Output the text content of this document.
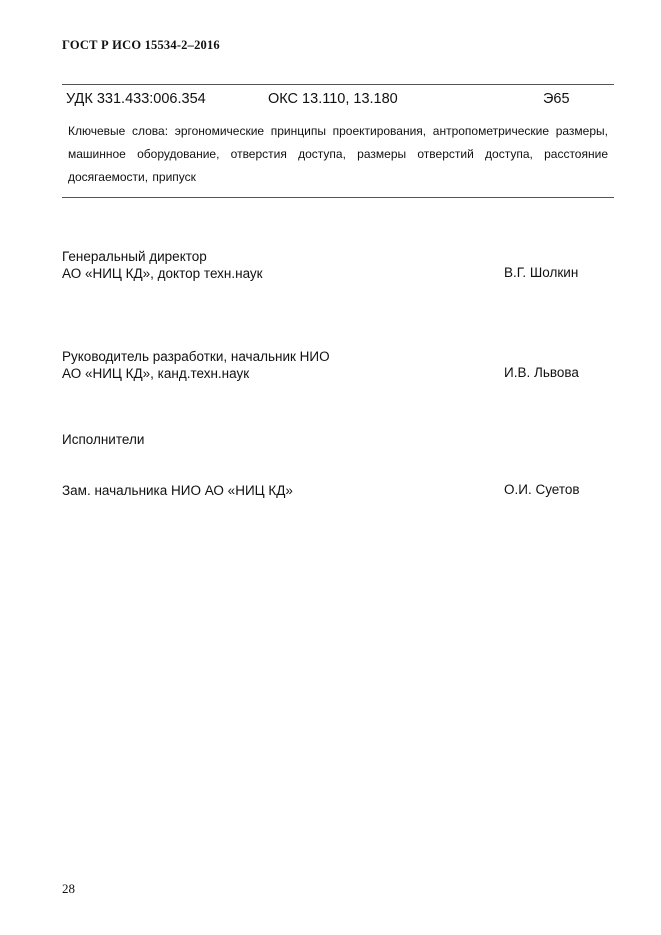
ГОСТ Р ИСО 15534-2–2016
УДК 331.433:006.354	ОКС 13.110, 13.180	Э65
Ключевые слова: эргономические принципы проектирования, антропометрические размеры, машинное оборудование, отверстия доступа, размеры отверстий доступа, расстояние досягаемости, припуск
Генеральный директор
АО «НИЦ КД», доктор техн.наук	В.Г. Шолкин
Руководитель разработки, начальник НИО
АО «НИЦ КД», канд.техн.наук	И.В. Львова
Исполнители
Зам. начальника НИО АО «НИЦ КД»	О.И. Суетов
28
